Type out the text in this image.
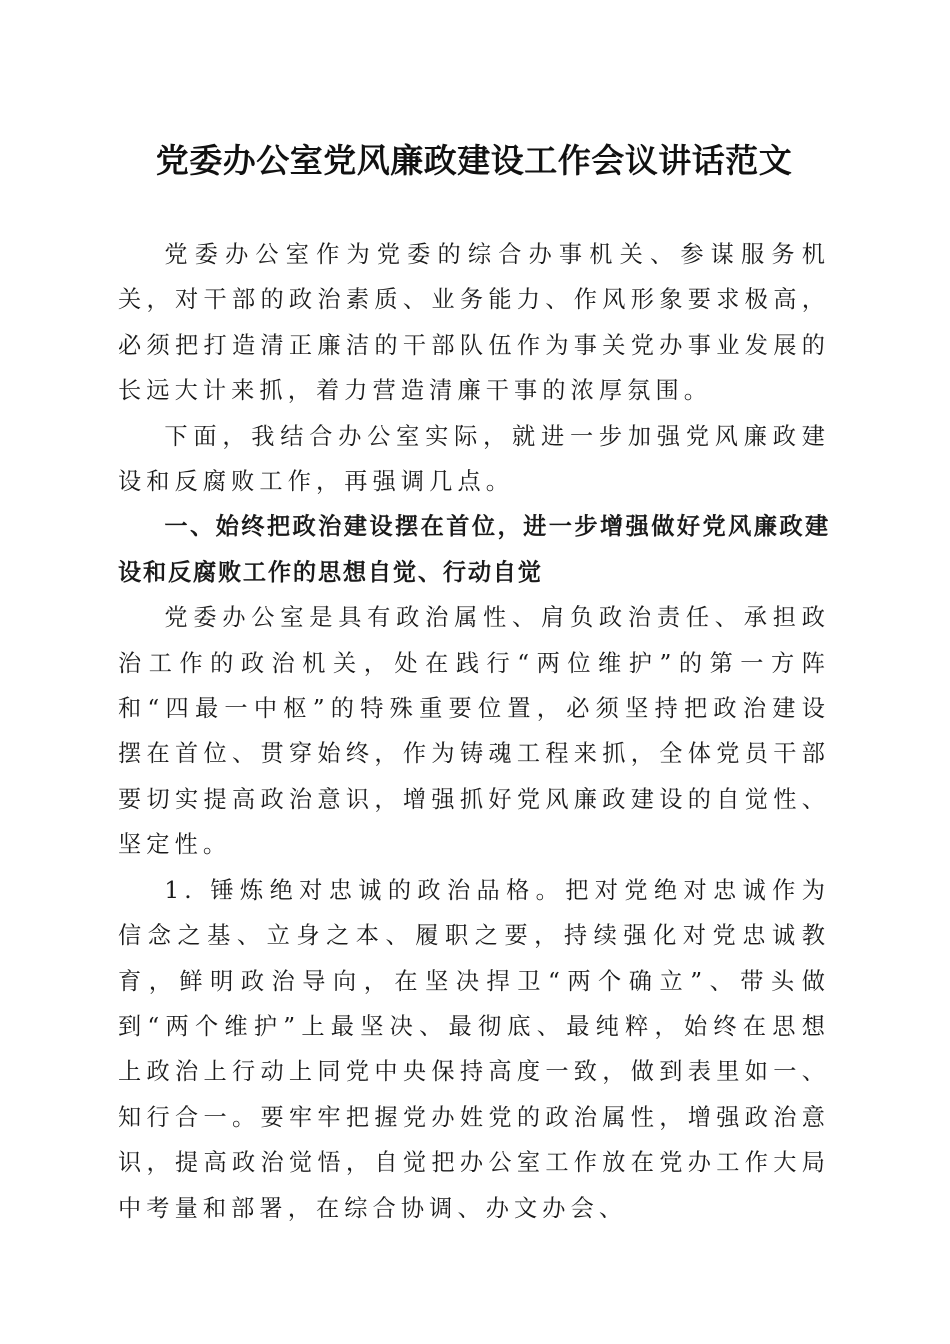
党委办公室党风廉政建设工作会议讲话范文

党委办公室作为党委的综合办事机关、参谋服务机关，对干部的政治素质、业务能力、作风形象要求极高，必须把打造清正廉洁的干部队伍作为事关党办事业发展的长远大计来抓，着力营造清廉干事的浓厚氛围。

下面，我结合办公室实际，就进一步加强党风廉政建设和反腐败工作，再强调几点。

一、始终把政治建设摆在首位，进一步增强做好党风廉政建设和反腐败工作的思想自觉、行动自觉

党委办公室是具有政治属性、肩负政治责任、承担政治工作的政治机关，处在践行“两位维护”的第一方阵和“四最一中枢”的特殊重要位置，必须坚持把政治建设摆在首位、贯穿始终，作为铸魂工程来抓，全体党员干部要切实提高政治意识，增强抓好党风廉政建设的自觉性、坚定性。

1. 锤炼绝对忠诚的政治品格。把对党绝对忠诚作为信念之基、立身之本、履职之要，持续强化对党忠诚教育，鲜明政治导向，在坚决捍卫“两个确立”、带头做到“两个维护”上最坚决、最彻底、最纯粹，始终在思想上政治上行动上同党中央保持高度一致，做到表里如一、知行合一。要牢牢把握党办姓党的政治属性，增强政治意识，提高政治觉悟，自觉把办公室工作放在党办工作大局中考量和部署，在综合协调、办文办会、
